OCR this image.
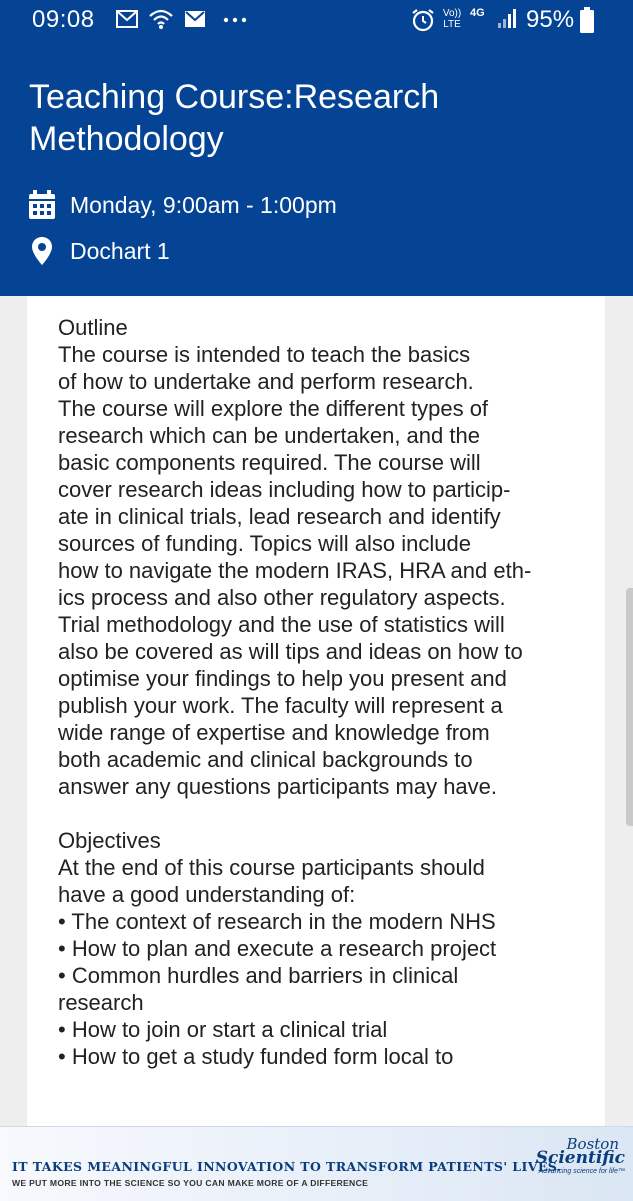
09:08	Vo)) LTE
4G 95%
Teaching Course:Research Methodology
Monday, 9:00am - 1:00pm
Dochart 1

Outline

The course is intended to teach the basics

of how to undertake and perform research.

The course will explore the different types of

research which can be undertaken, and the

basic components required. The course will

cover research ideas including how to particip-

ate in clinical trials, lead research and identify

sources of funding. Topics will also include

how to navigate the modern IRAS, HRA and eth-

ics process and also other regulatory aspects.

Trial methodology and the use of statistics will

also be covered as will tips and ideas on how to

optimise your findings to help you present and

publish your work. The faculty will represent a

wide range of expertise and knowledge from

both academic and clinical backgrounds to

answer any questions participants may have.

Objectives

At the end of this course participants should

have a good understanding of:

• The context of research in the modern NHS

• How to plan and execute a research project

• Common hurdles and barriers in clinical

research

• How to join or start a clinical trial

• How to get a study funded form local to

IT TAKES MEANINGFUL INNOVATION TO TRANSFORM PATIENTS' LIVES.
WE PUT MORE INTO THE SCIENCE SO YOU CAN MAKE MORE OF A DIFFERENCE
Boston
Scientific
Advancing science for life™
